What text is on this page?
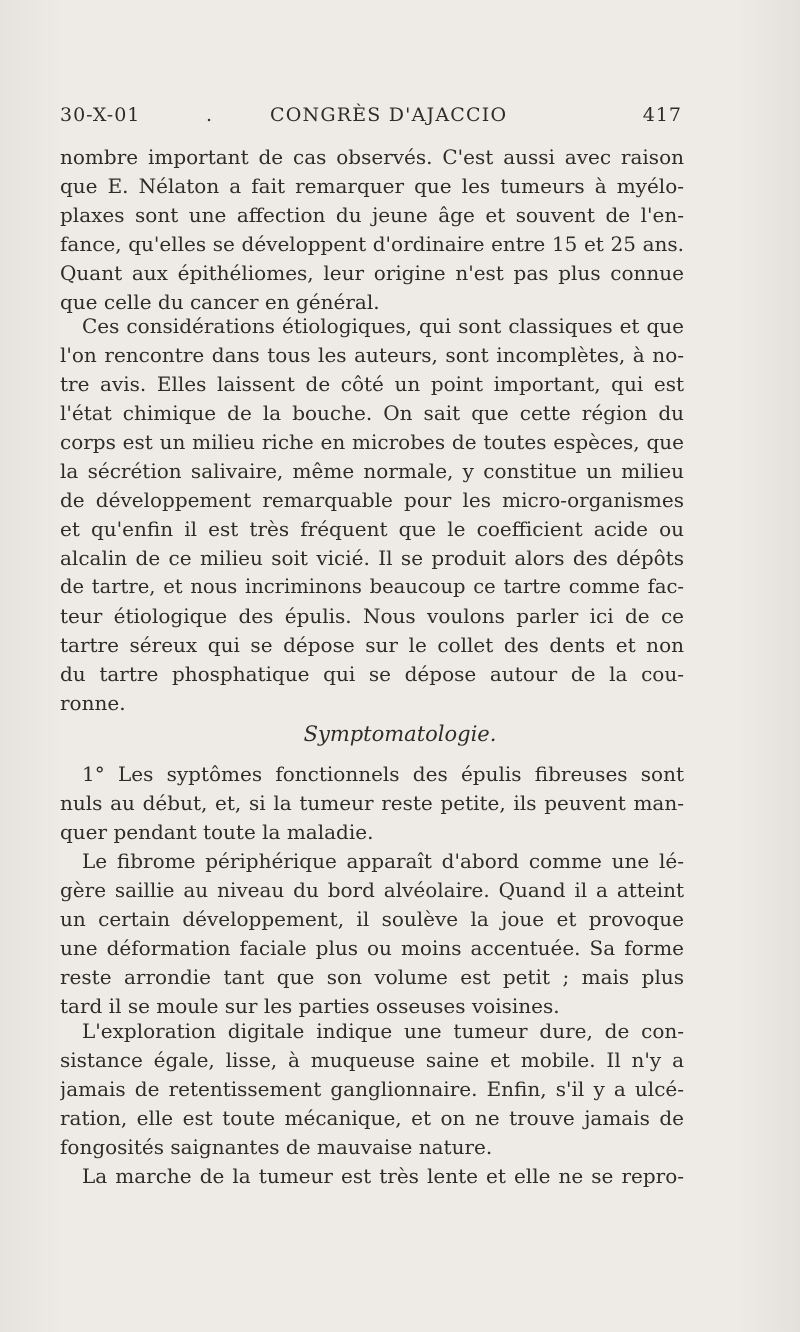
30-X-01	.	CONGRÈS D'AJACCIO	417
nombre important de cas observés. C'est aussi avec raison
que E. Nélaton a fait remarquer que les tumeurs à myélo-
plaxes sont une affection du jeune âge et souvent de l'en-
fance, qu'elles se développent d'ordinaire entre 15 et 25 ans.
Quant aux épithéliomes, leur origine n'est pas plus connue
que celle du cancer en général.
Ces considérations étiologiques, qui sont classiques et que
l'on rencontre dans tous les auteurs, sont incomplètes, à no-
tre avis. Elles laissent de côté un point important, qui est
l'état chimique de la bouche. On sait que cette région du
corps est un milieu riche en microbes de toutes espèces, que
la sécrétion salivaire, même normale, y constitue un milieu
de développement remarquable pour les micro-organismes
et qu'enfin il est très fréquent que le coefficient acide ou
alcalin de ce milieu soit vicié. Il se produit alors des dépôts
de tartre, et nous incriminons beaucoup ce tartre comme fac-
teur étiologique des épulis. Nous voulons parler ici de ce
tartre séreux qui se dépose sur le collet des dents et non
du tartre phosphatique qui se dépose autour de la cou-
ronne.
Symptomatologie.
1° Les syptômes fonctionnels des épulis fibreuses sont
nuls au début, et, si la tumeur reste petite, ils peuvent man-
quer pendant toute la maladie.
Le fibrome périphérique apparaît d'abord comme une lé-
gère saillie au niveau du bord alvéolaire. Quand il a atteint
un certain développement, il soulève la joue et provoque
une déformation faciale plus ou moins accentuée. Sa forme
reste arrondie tant que son volume est petit ; mais plus
tard il se moule sur les parties osseuses voisines.
L'exploration digitale indique une tumeur dure, de con-
sistance égale, lisse, à muqueuse saine et mobile. Il n'y a
jamais de retentissement ganglionnaire. Enfin, s'il y a ulcé-
ration, elle est toute mécanique, et on ne trouve jamais de
fongosités saignantes de mauvaise nature.
La marche de la tumeur est très lente et elle ne se repro-
